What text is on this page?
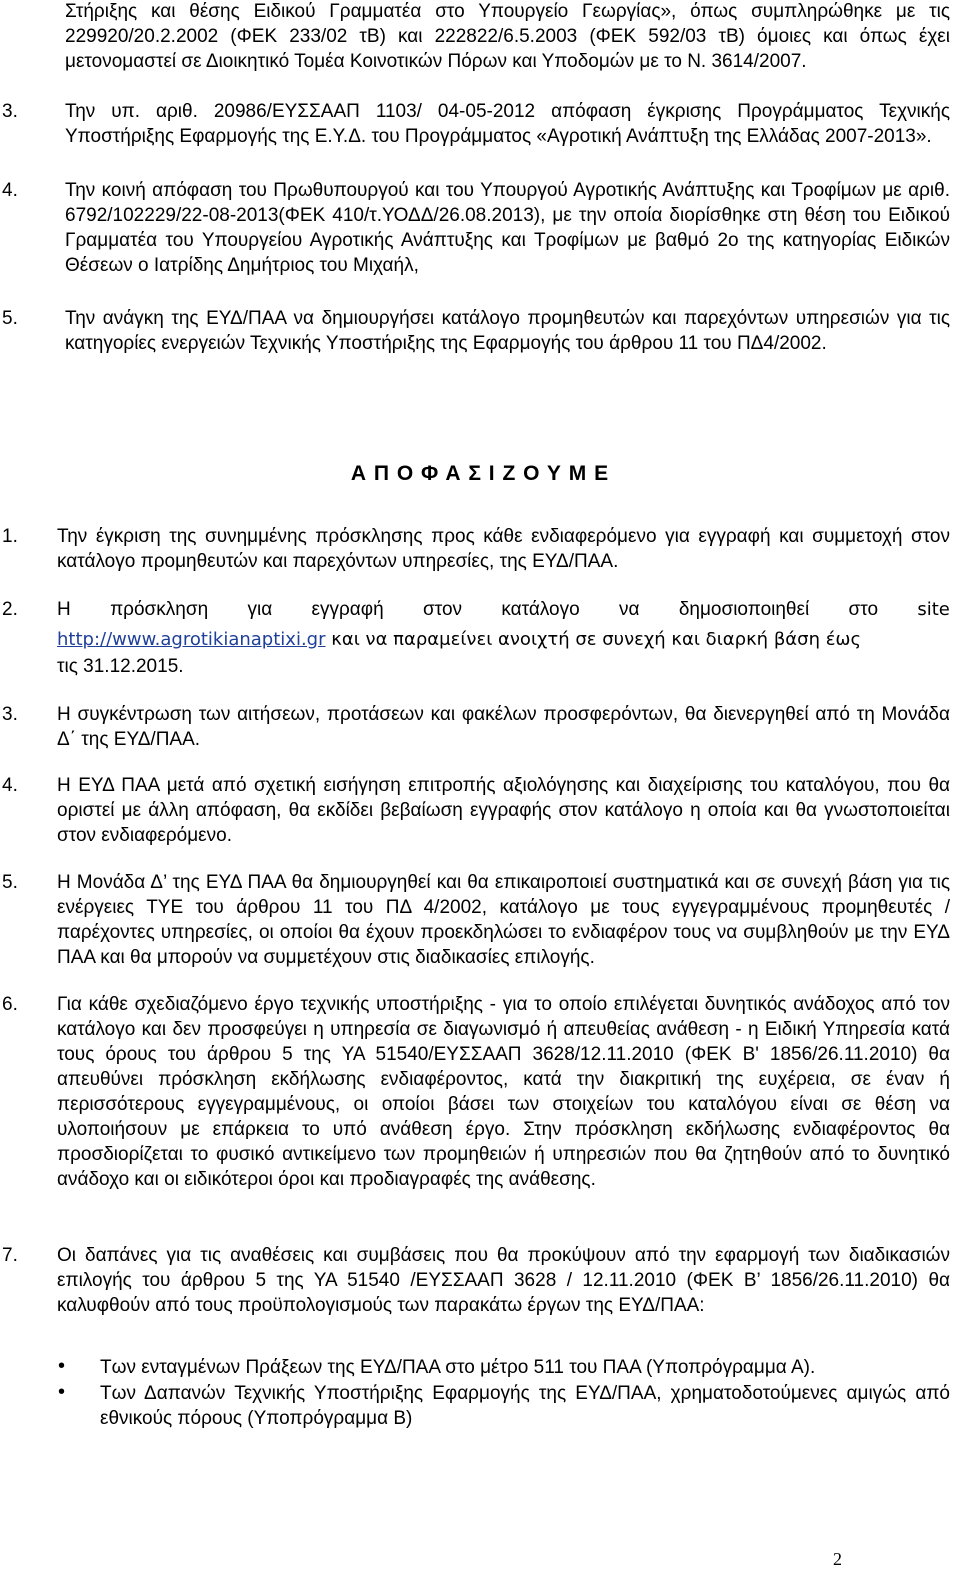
Στήριξης και θέσης Ειδικού Γραμματέα στο Υπουργείο Γεωργίας», όπως συμπληρώθηκε με τις 229920/20.2.2002 (ΦΕΚ 233/02 τΒ) και 222822/6.5.2003 (ΦΕΚ 592/03 τΒ) όμοιες και όπως έχει μετονομαστεί σε Διοικητικό Τομέα Κοινοτικών Πόρων και Υποδομών με το Ν. 3614/2007.

3. Την υπ. αριθ. 20986/ΕΥΣΣΑΑΠ 1103/ 04-05-2012 απόφαση έγκρισης Προγράμματος Τεχνικής Υποστήριξης Εφαρμογής της Ε.Υ.Δ. του Προγράμματος «Αγροτική Ανάπτυξη της Ελλάδας 2007-2013».

4. Την κοινή απόφαση του Πρωθυπουργού και του Υπουργού Αγροτικής Ανάπτυξης και Τροφίμων με αριθ. 6792/102229/22-08-2013(ΦΕΚ 410/τ.ΥΟΔΔ/26.08.2013), με την οποία διορίσθηκε στη θέση του Ειδικού Γραμματέα του Υπουργείου Αγροτικής Ανάπτυξης και Τροφίμων με βαθμό 2ο της κατηγορίας Ειδικών Θέσεων ο Ιατρίδης Δημήτριος του Μιχαήλ,

5. Την ανάγκη της ΕΥΔ/ΠΑΑ να δημιουργήσει κατάλογο προμηθευτών και παρεχόντων υπηρεσιών για τις κατηγορίες ενεργειών Τεχνικής Υποστήριξης της Εφαρμογής του άρθρου 11 του ΠΔ4/2002.

Α Π Ο Φ Α Σ Ι Ζ Ο Υ Μ Ε
1. Την έγκριση της συνημμένης πρόσκλησης προς κάθε ενδιαφερόμενο για εγγραφή και συμμετοχή στον κατάλογο προμηθευτών και παρεχόντων υπηρεσίες, της ΕΥΔ/ΠΑΑ.

2. Η πρόσκληση για εγγραφή στον κατάλογο να δημοσιοποιηθεί στο site
http://www.agrotikianaptixi.gr και να παραμείνει ανοιχτή σε συνεχή και διαρκή βάση έως
τις 31.12.2015.
3. Η συγκέντρωση των αιτήσεων, προτάσεων και φακέλων προσφερόντων, θα διενεργηθεί από τη Μονάδα Δ΄ της ΕΥΔ/ΠΑΑ.

4. Η ΕΥΔ ΠΑΑ μετά από σχετική εισήγηση επιτροπής αξιολόγησης και διαχείρισης του καταλόγου, που θα οριστεί με άλλη απόφαση, θα εκδίδει βεβαίωση εγγραφής στον κατάλογο η οποία και θα γνωστοποιείται στον ενδιαφερόμενο.

5. Η Μονάδα Δ’ της ΕΥΔ ΠΑΑ θα δημιουργηθεί και θα επικαιροποιεί συστηματικά και σε συνεχή βάση για τις ενέργειες ΤΥΕ του άρθρου 11 του ΠΔ 4/2002, κατάλογο με τους εγγεγραμμένους προμηθευτές / παρέχοντες υπηρεσίες, οι οποίοι θα έχουν προεκδηλώσει το ενδιαφέρον τους να συμβληθούν με την ΕΥΔ ΠΑΑ και θα μπορούν να συμμετέχουν στις διαδικασίες επιλογής.

6. Για κάθε σχεδιαζόμενο έργο τεχνικής υποστήριξης - για το οποίο επιλέγεται δυνητικός ανάδοχος από τον κατάλογο και δεν προσφεύγει η υπηρεσία σε διαγωνισμό ή απευθείας ανάθεση - η Ειδική Υπηρεσία κατά τους όρους του άρθρου 5 της ΥΑ 51540/ΕΥΣΣΑΑΠ 3628/12.11.2010 (ΦΕΚ Β' 1856/26.11.2010) θα απευθύνει πρόσκληση εκδήλωσης ενδιαφέροντος, κατά την διακριτική της ευχέρεια, σε έναν ή περισσότερους εγγεγραμμένους, οι οποίοι βάσει των στοιχείων του καταλόγου είναι σε θέση να υλοποιήσουν με επάρκεια το υπό ανάθεση έργο. Στην πρόσκληση εκδήλωσης ενδιαφέροντος θα προσδιορίζεται το φυσικό αντικείμενο των προμηθειών ή υπηρεσιών που θα ζητηθούν από το δυνητικό ανάδοχο και οι ειδικότεροι όροι και προδιαγραφές της ανάθεσης.

7. Οι δαπάνες για τις αναθέσεις και συμβάσεις που θα προκύψουν από την εφαρμογή των διαδικασιών επιλογής του άρθρου 5 της ΥΑ 51540 /ΕΥΣΣΑΑΠ 3628 / 12.11.2010 (ΦΕΚ Β’ 1856/26.11.2010) θα καλυφθούν από τους προϋπολογισμούς των παρακάτω έργων της ΕΥΔ/ΠΑΑ:

• Των ενταγμένων Πράξεων της ΕΥΔ/ΠΑΑ στο μέτρο 511 του ΠΑΑ (Υποπρόγραμμα Α).

• Των Δαπανών Τεχνικής Υποστήριξης Εφαρμογής της ΕΥΔ/ΠΑΑ, χρηματοδοτούμενες αμιγώς από εθνικούς πόρους (Υποπρόγραμμα Β)

2
